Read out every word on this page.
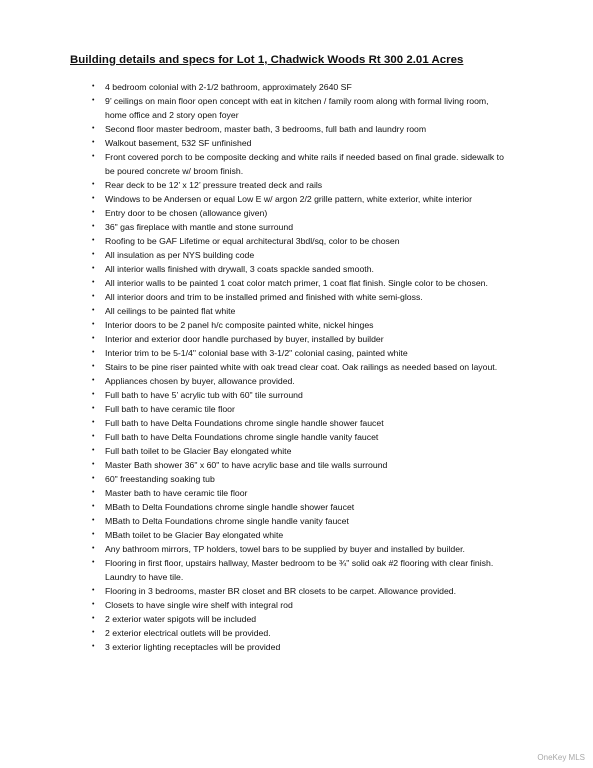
Building details and specs for Lot 1, Chadwick Woods Rt 300 2.01 Acres
•	4 bedroom colonial with 2-1/2 bathroom, approximately 2640 SF
•	9’ ceilings on main floor open concept with eat in kitchen / family room along with formal living room, home office and 2 story open foyer
•	Second floor master bedroom, master bath, 3 bedrooms, full bath and laundry room
•	Walkout basement, 532 SF unfinished
•	Front covered porch to be composite decking and white rails if needed based on final grade. sidewalk to be poured concrete w/ broom finish.
•	Rear deck to be 12’ x 12’ pressure treated deck and rails
•	Windows to be Andersen or equal Low E w/ argon 2/2 grille pattern, white exterior, white interior
•	Entry door to be chosen (allowance given)
•	36" gas fireplace with mantle and stone surround
•	Roofing to be GAF Lifetime or equal architectural 3bdl/sq, color to be chosen
•	All insulation as per NYS building code
•	All interior walls finished with drywall, 3 coats spackle sanded smooth.
•	All interior walls to be painted 1 coat color match primer, 1 coat flat finish. Single color to be chosen.
•	All interior doors and trim to be installed primed and finished with white semi-gloss.
•	All ceilings to be painted flat white
•	Interior doors to be 2 panel h/c composite painted white, nickel hinges
•	Interior and exterior door handle purchased by buyer, installed by builder
•	Interior trim to be 5-1/4" colonial base with 3-1/2" colonial casing, painted white
•	Stairs to be pine riser painted white with oak tread clear coat. Oak railings as needed based on layout.
•	Appliances chosen by buyer, allowance provided.
•	Full bath to have 5’ acrylic tub with 60" tile surround
•	Full bath to have ceramic tile floor
•	Full bath to have Delta Foundations chrome single handle shower faucet
•	Full bath to have Delta Foundations chrome single handle vanity faucet
•	Full bath toilet to be Glacier Bay elongated white
•	Master Bath shower 36" x 60" to have acrylic base and tile walls surround
•	60" freestanding soaking tub
•	Master bath to have ceramic tile floor
•	MBath to Delta Foundations chrome single handle shower faucet
•	MBath to Delta Foundations chrome single handle vanity faucet
•	MBath toilet to be Glacier Bay elongated white
•	Any bathroom mirrors, TP holders, towel bars to be supplied by buyer and installed by builder.
•	Flooring in first floor, upstairs hallway, Master bedroom to be ¾" solid oak #2 flooring with clear finish. Laundry to have tile.
•	Flooring in 3 bedrooms, master BR closet and BR closets to be carpet. Allowance provided.
•	Closets to have single wire shelf with integral rod
•	2 exterior water spigots will be included
•	2 exterior electrical outlets will be provided.
•	3 exterior lighting receptacles will be provided
OneKey MLS
